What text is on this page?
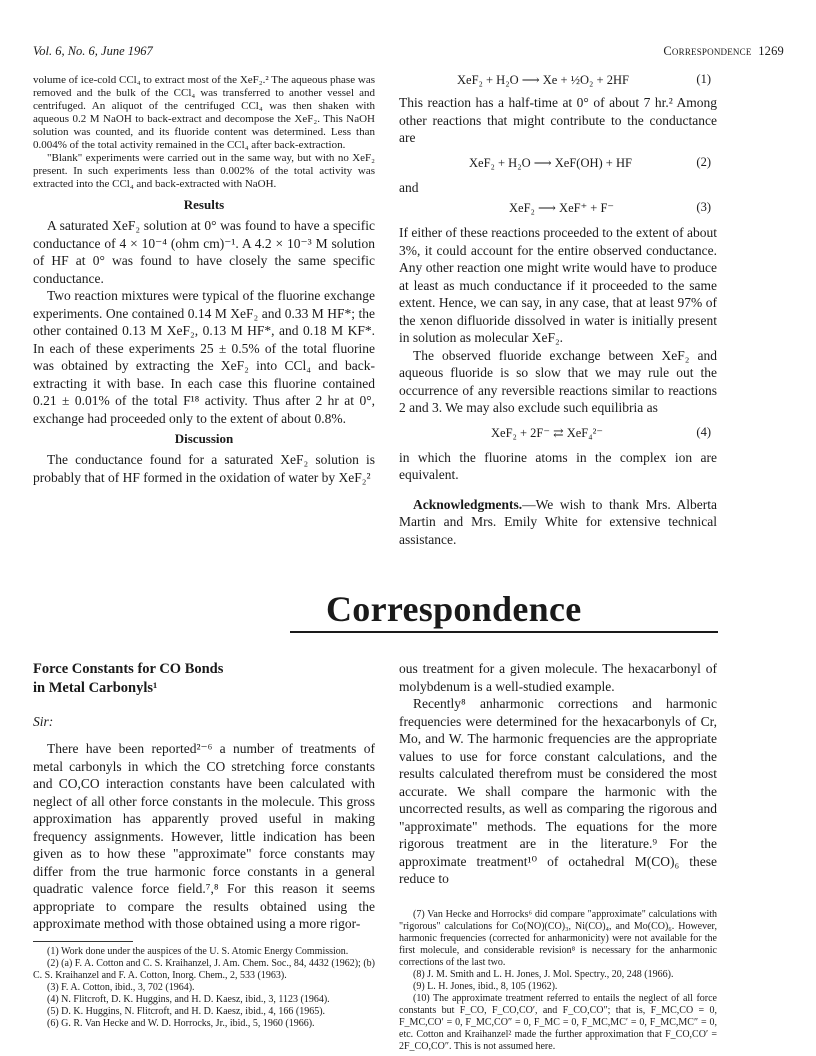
Vol. 6, No. 6, June 1967	Correspondence 1269

volume of ice-cold CCl₄ to extract most of the XeF₂.² The aqueous phase was removed and the bulk of the CCl₄ was transferred to another vessel and centrifuged. An aliquot of the centrifuged CCl₄ was then shaken with aqueous 0.2 M NaOH to back-extract and decompose the XeF₂. This NaOH solution was counted, and its fluoride content was determined. Less than 0.004% of the total activity remained in the CCl₄ after back-extraction.

"Blank" experiments were carried out in the same way, but with no XeF₂ present. In such experiments less than 0.002% of the total activity was extracted into the CCl₄ and back-extracted with NaOH.

Results

A saturated XeF₂ solution at 0° was found to have a specific conductance of 4 × 10⁻⁴ (ohm cm)⁻¹. A 4.2 × 10⁻³ M solution of HF at 0° was found to have closely the same specific conductance.

Two reaction mixtures were typical of the fluorine exchange experiments. One contained 0.14 M XeF₂ and 0.33 M HF*; the other contained 0.13 M XeF₂, 0.13 M HF*, and 0.18 M KF*. In each of these experiments 25 ± 0.5% of the total fluorine was obtained by extracting the XeF₂ into CCl₄ and back-extracting it with base. In each case this fluorine contained 0.21 ± 0.01% of the total F¹⁸ activity. Thus after 2 hr at 0°, exchange had proceeded only to the extent of about 0.8%.

Discussion

The conductance found for a saturated XeF₂ solution is probably that of HF formed in the oxidation of water by XeF₂²

XeF₂ + H₂O ⟶ Xe + ½O₂ + 2HF	(1)

This reaction has a half-time at 0° of about 7 hr.² Among other reactions that might contribute to the conductance are

XeF₂ + H₂O ⟶ XeF(OH) + HF	(2)

and

XeF₂ ⟶ XeF⁺ + F⁻	(3)

If either of these reactions proceeded to the extent of about 3%, it could account for the entire observed conductance. Any other reaction one might write would have to produce at least as much conductance if it proceeded to the same extent. Hence, we can say, in any case, that at least 97% of the xenon difluoride dissolved in water is initially present in solution as molecular XeF₂.

The observed fluoride exchange between XeF₂ and aqueous fluoride is so slow that we may rule out the occurrence of any reversible reactions similar to reactions 2 and 3. We may also exclude such equilibria as

XeF₂ + 2F⁻ ⇄ XeF₄²⁻	(4)

in which the fluorine atoms in the complex ion are equivalent.

Acknowledgments.—We wish to thank Mrs. Alberta Martin and Mrs. Emily White for extensive technical assistance.

Correspondence

Force Constants for CO Bonds
in Metal Carbonyls¹

Sir:

There have been reported²⁻⁶ a number of treatments of metal carbonyls in which the CO stretching force constants and CO,CO interaction constants have been calculated with neglect of all other force constants in the molecule. This gross approximation has apparently proved useful in making frequency assignments. However, little indication has been given as to how these "approximate" force constants may differ from the true harmonic force constants in a general quadratic valence force field.⁷,⁸ For this reason it seems appropriate to compare the results obtained using the approximate method with those obtained using a more rigor-

(1) Work done under the auspices of the U. S. Atomic Energy Commission.

(2) (a) F. A. Cotton and C. S. Kraihanzel, J. Am. Chem. Soc., 84, 4432 (1962); (b) C. S. Kraihanzel and F. A. Cotton, Inorg. Chem., 2, 533 (1963).

(3) F. A. Cotton, ibid., 3, 702 (1964).

(4) N. Flitcroft, D. K. Huggins, and H. D. Kaesz, ibid., 3, 1123 (1964).

(5) D. K. Huggins, N. Flitcroft, and H. D. Kaesz, ibid., 4, 166 (1965).

(6) G. R. Van Hecke and W. D. Horrocks, Jr., ibid., 5, 1960 (1966).

ous treatment for a given molecule. The hexacarbonyl of molybdenum is a well-studied example.

Recently⁸ anharmonic corrections and harmonic frequencies were determined for the hexacarbonyls of Cr, Mo, and W. The harmonic frequencies are the appropriate values to use for force constant calculations, and the results calculated therefrom must be considered the most accurate. We shall compare the harmonic with the uncorrected results, as well as comparing the rigorous and "approximate" methods. The equations for the more rigorous treatment are in the literature.⁹ For the approximate treatment¹⁰ of octahedral M(CO)₆ these reduce to

(7) Van Hecke and Horrocks⁶ did compare "approximate" calculations with "rigorous" calculations for Co(NO)(CO)₃, Ni(CO)₄, and Mo(CO)₆. However, harmonic frequencies (corrected for anharmonicity) were not available for the first molecule, and considerable revision⁸ is necessary for the anharmonic corrections of the last two.

(8) J. M. Smith and L. H. Jones, J. Mol. Spectry., 20, 248 (1966).

(9) L. H. Jones, ibid., 8, 105 (1962).

(10) The approximate treatment referred to entails the neglect of all force constants but F_CO, F_CO,CO′, and F_CO,CO″; that is, F_MC,CO = 0, F_MC,CO′ = 0, F_MC,CO″ = 0, F_MC = 0, F_MC,MC′ = 0, F_MC,MC″ = 0, etc. Cotton and Kraihanzel² made the further approximation that F_CO,CO′ = 2F_CO,CO″. This is not assumed here.
